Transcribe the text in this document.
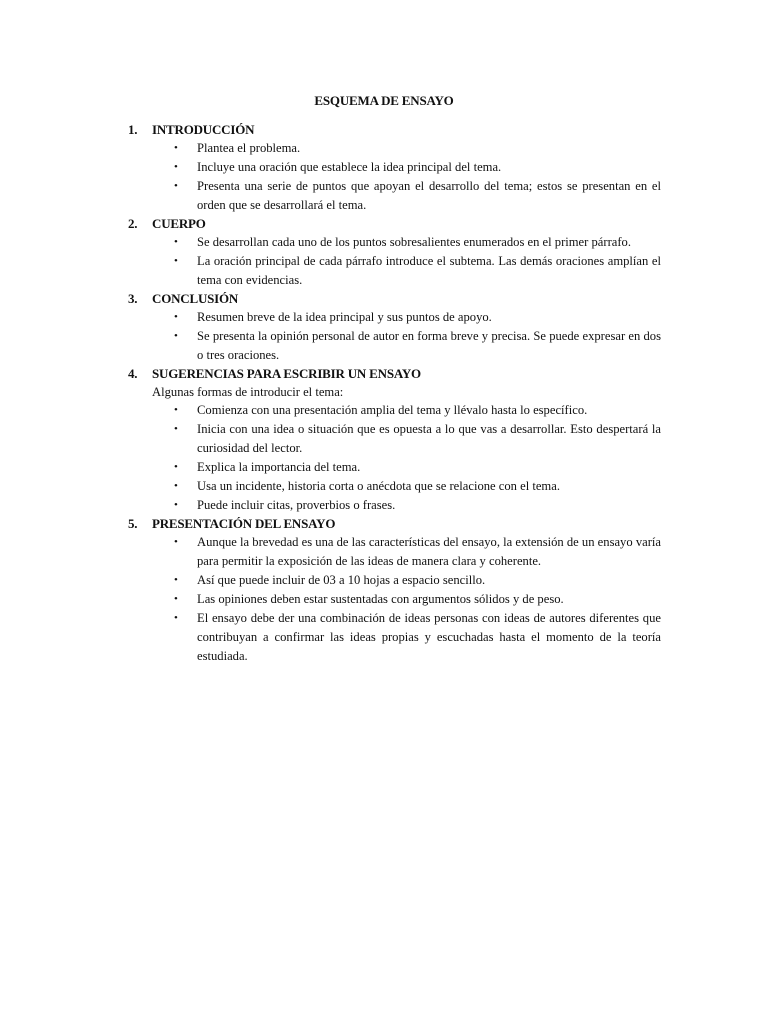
ESQUEMA DE ENSAYO
1.	INTRODUCCIÓN
• Plantea el problema.
• Incluye una oración que establece la idea principal del tema.
• Presenta una serie de puntos que apoyan el desarrollo del tema; estos se presentan en el orden que se desarrollará el tema.
2.	CUERPO
• Se desarrollan cada uno de los puntos sobresalientes enumerados en el primer párrafo.
• La oración principal de cada párrafo introduce el subtema. Las demás oraciones amplían el tema con evidencias.
3.	CONCLUSIÓN
• Resumen breve de la idea principal y sus puntos de apoyo.
• Se presenta la opinión personal de autor en forma breve y precisa. Se puede expresar en dos o tres oraciones.
4.	SUGERENCIAS PARA ESCRIBIR UN ENSAYO
Algunas formas de introducir el tema:
• Comienza con una presentación amplia del tema y llévalo hasta lo específico.
• Inicia con una idea o situación que es opuesta a lo que vas a desarrollar. Esto despertará la curiosidad del lector.
• Explica la importancia del tema.
• Usa un incidente, historia corta o anécdota que se relacione con el tema.
• Puede incluir citas, proverbios o frases.
5.	PRESENTACIÓN DEL ENSAYO
• Aunque la brevedad es una de las características del ensayo, la extensión de un ensayo varía para permitir la exposición de las ideas de manera clara y coherente.
• Así que puede incluir de 03 a 10 hojas a espacio sencillo.
• Las opiniones deben estar sustentadas con argumentos sólidos y de peso.
• El ensayo debe der una combinación de ideas personas con ideas de autores diferentes que contribuyan a confirmar las ideas propias y escuchadas hasta el momento de la teoría estudiada.
